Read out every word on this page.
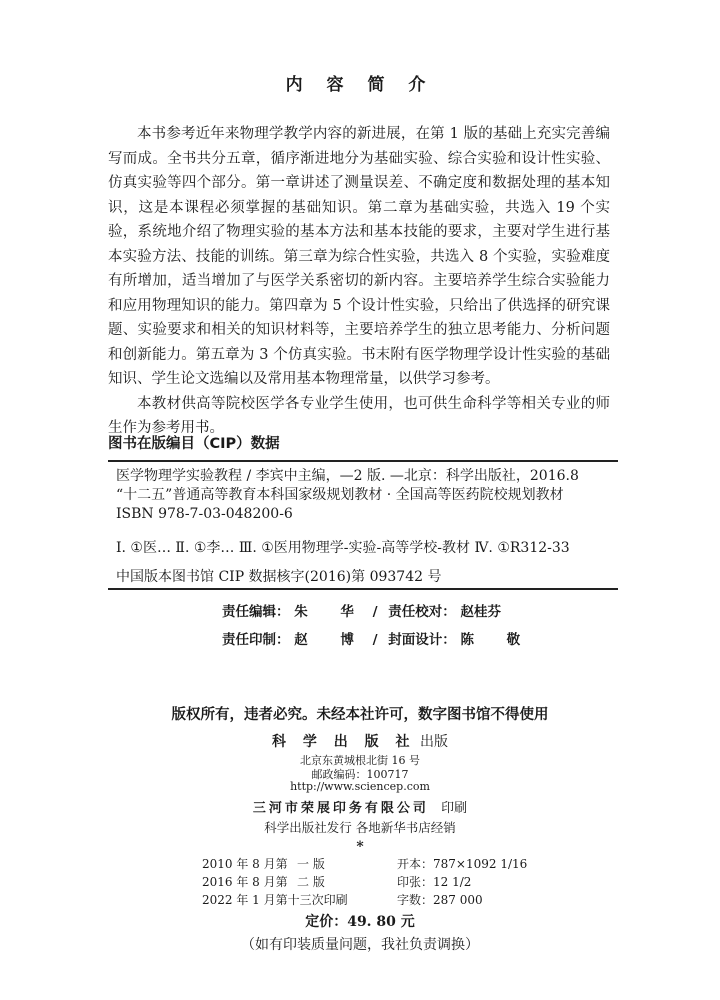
内 容 简 介

本书参考近年来物理学教学内容的新进展，在第 1 版的基础上充实完善编写而成。全书共分五章，循序渐进地分为基础实验、综合实验和设计性实验、仿真实验等四个部分。第一章讲述了测量误差、不确定度和数据处理的基本知识，这是本课程必须掌握的基础知识。第二章为基础实验，共选入 19 个实验，系统地介绍了物理实验的基本方法和基本技能的要求，主要对学生进行基本实验方法、技能的训练。第三章为综合性实验，共选入 8 个实验，实验难度有所增加，适当增加了与医学关系密切的新内容。主要培养学生综合实验能力和应用物理知识的能力。第四章为 5 个设计性实验，只给出了供选择的研究课题、实验要求和相关的知识材料等，主要培养学生的独立思考能力、分析问题和创新能力。第五章为 3 个仿真实验。书末附有医学物理学设计性实验的基础知识、学生论文选编以及常用基本物理常量，以供学习参考。

本教材供高等院校医学各专业学生使用，也可供生命科学等相关专业的师生作为参考用书。

图书在版编目（CIP）数据
医学物理学实验教程 / 李宾中主编，—2 版. —北京：科学出版社，2016.8
“十二五”普通高等教育本科国家级规划教材 · 全国高等医药院校规划教材
ISBN 978-7-03-048200-6
Ⅰ. ①医… Ⅱ. ①李… Ⅲ. ①医用物理学-实验-高等学校-教材 Ⅳ. ①R312-33
中国版本图书馆 CIP 数据核字(2016)第 093742 号
责任编辑： 朱 华 / 责任校对： 赵桂芬
责任印制： 赵 博 / 封面设计： 陈 敬
版权所有，违者必究。未经本社许可，数字图书馆不得使用
科 学 出 版 社 出版
北京东黄城根北街 16 号
邮政编码：100717
http://www.sciencep.com
三河市荣展印务有限公司 印刷
科学出版社发行 各地新华书店经销
*
2010 年 8 月第	一 版	开本：787×1092 1/16
2016 年 8 月第	二 版	印张：12 1/2
2022 年 1 月第十三次印刷		字数：287 000
定价：49. 80 元
（如有印装质量问题，我社负责调换）
